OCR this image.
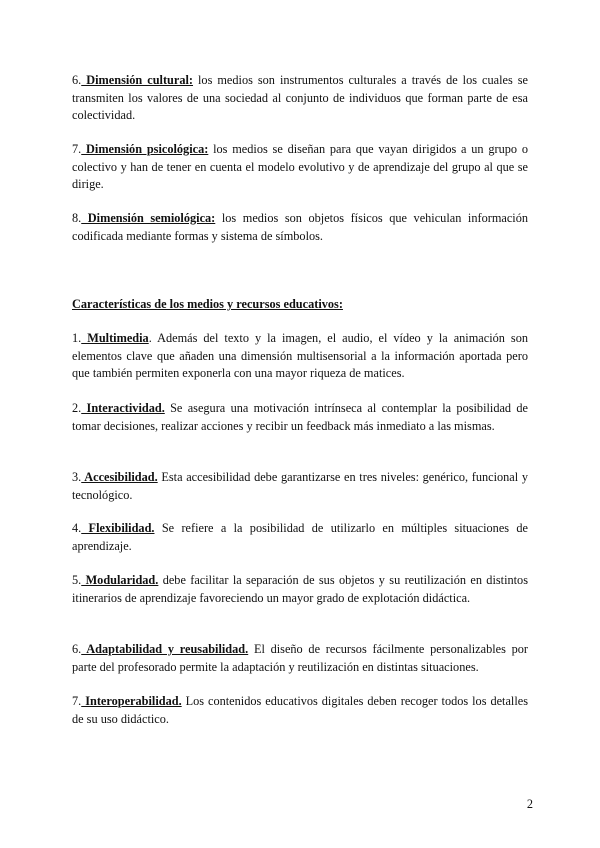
6. Dimensión cultural: los medios son instrumentos culturales a través de los cuales se transmiten los valores de una sociedad al conjunto de individuos que forman parte de esa colectividad.

7. Dimensión psicológica: los medios se diseñan para que vayan dirigidos a un grupo o colectivo y han de tener en cuenta el modelo evolutivo y de aprendizaje del grupo al que se dirige.

8. Dimensión semiológica: los medios son objetos físicos que vehiculan información codificada mediante formas y sistema de símbolos.

Características de los medios y recursos educativos:

1. Multimedia. Además del texto y la imagen, el audio, el vídeo y la animación son elementos clave que añaden una dimensión multisensorial a la información aportada pero que también permiten exponerla con una mayor riqueza de matices.

2. Interactividad. Se asegura una motivación intrínseca al contemplar la posibilidad de tomar decisiones, realizar acciones y recibir un feedback más inmediato a las mismas.

3. Accesibilidad. Esta accesibilidad debe garantizarse en tres niveles: genérico, funcional y tecnológico.

4. Flexibilidad. Se refiere a la posibilidad de utilizarlo en múltiples situaciones de aprendizaje.

5. Modularidad. debe facilitar la separación de sus objetos y su reutilización en distintos itinerarios de aprendizaje favoreciendo un mayor grado de explotación didáctica.

6. Adaptabilidad y reusabilidad. El diseño de recursos fácilmente personalizables por parte del profesorado permite la adaptación y reutilización en distintas situaciones.

7. Interoperabilidad. Los contenidos educativos digitales deben recoger todos los detalles de su uso didáctico.

2
